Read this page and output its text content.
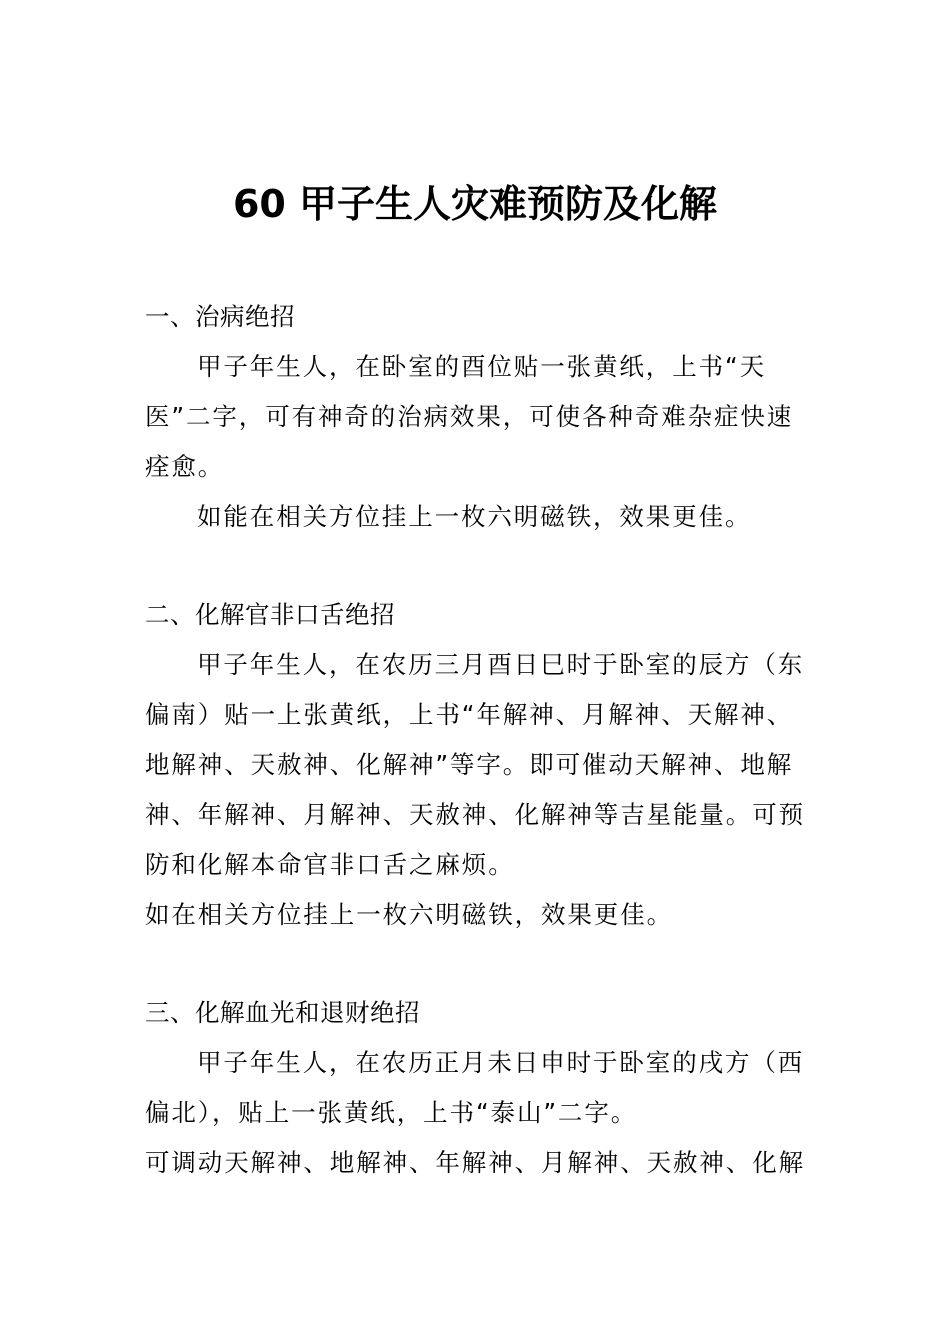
60 甲子生人灾难预防及化解
一、治病绝招
甲子年生人，在卧室的酉位贴一张黄纸，上书“天
医”二字，可有神奇的治病效果，可使各种奇难杂症快速
痊愈。
如能在相关方位挂上一枚六明磁铁，效果更佳。
二、化解官非口舌绝招
甲子年生人，在农历三月酉日巳时于卧室的辰方（东
偏南）贴一上张黄纸，上书“年解神、月解神、天解神、
地解神、天赦神、化解神”等字。即可催动天解神、地解
神、年解神、月解神、天赦神、化解神等吉星能量。可预
防和化解本命官非口舌之麻烦。
如在相关方位挂上一枚六明磁铁，效果更佳。
三、化解血光和退财绝招
甲子年生人，在农历正月未日申时于卧室的戌方（西
偏北），贴上一张黄纸，上书“泰山”二字。
可调动天解神、地解神、年解神、月解神、天赦神、化解
